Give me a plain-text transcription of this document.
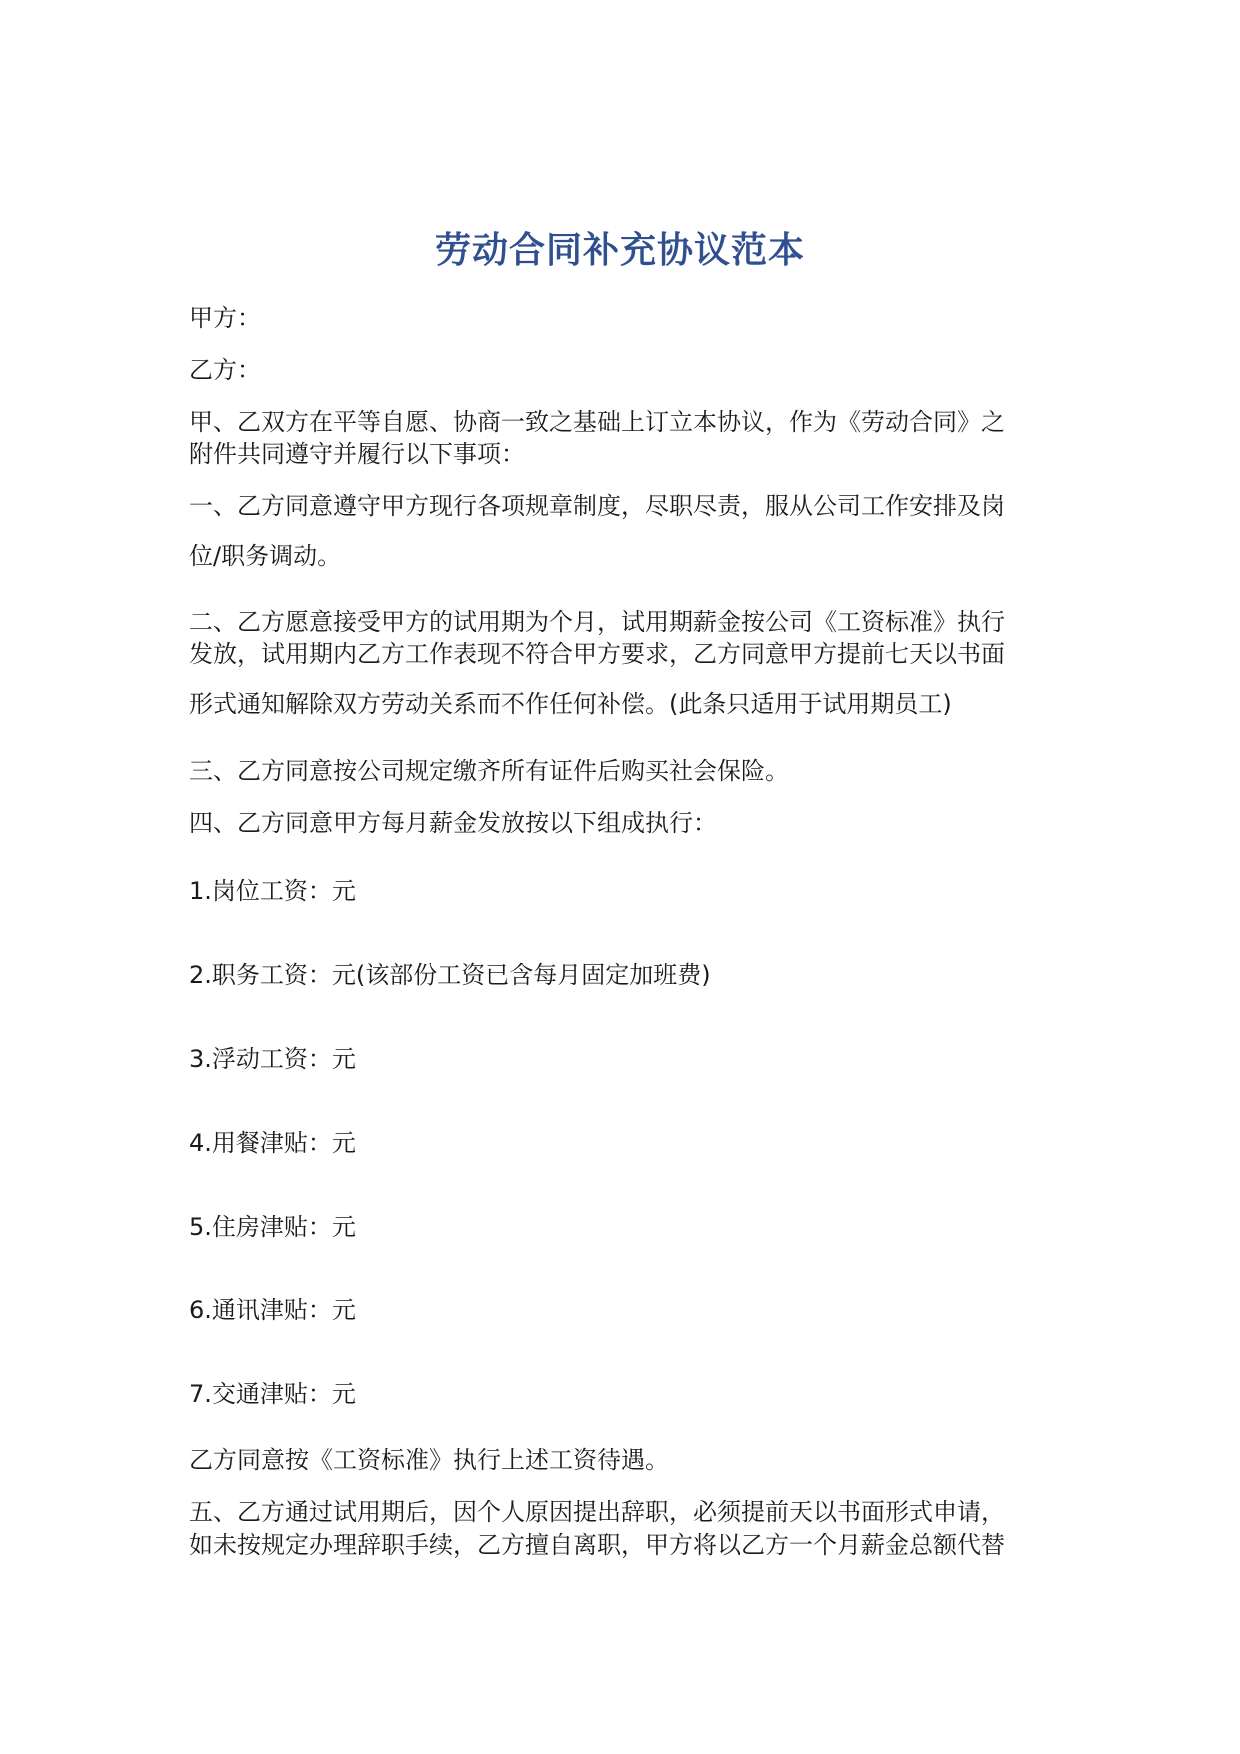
劳动合同补充协议范本
甲方：
乙方：
甲、乙双方在平等自愿、协商一致之基础上订立本协议，作为《劳动合同》之
附件共同遵守并履行以下事项：
一、乙方同意遵守甲方现行各项规章制度，尽职尽责，服从公司工作安排及岗
位/职务调动。
二、乙方愿意接受甲方的试用期为个月，试用期薪金按公司《工资标准》执行
发放，试用期内乙方工作表现不符合甲方要求，乙方同意甲方提前七天以书面
形式通知解除双方劳动关系而不作任何补偿。(此条只适用于试用期员工)
三、乙方同意按公司规定缴齐所有证件后购买社会保险。
四、乙方同意甲方每月薪金发放按以下组成执行：
1.岗位工资：元
2.职务工资：元(该部份工资已含每月固定加班费)
3.浮动工资：元
4.用餐津贴：元
5.住房津贴：元
6.通讯津贴：元
7.交通津贴：元
乙方同意按《工资标准》执行上述工资待遇。
五、乙方通过试用期后，因个人原因提出辞职，必须提前天以书面形式申请，
如未按规定办理辞职手续，乙方擅自离职，甲方将以乙方一个月薪金总额代替
